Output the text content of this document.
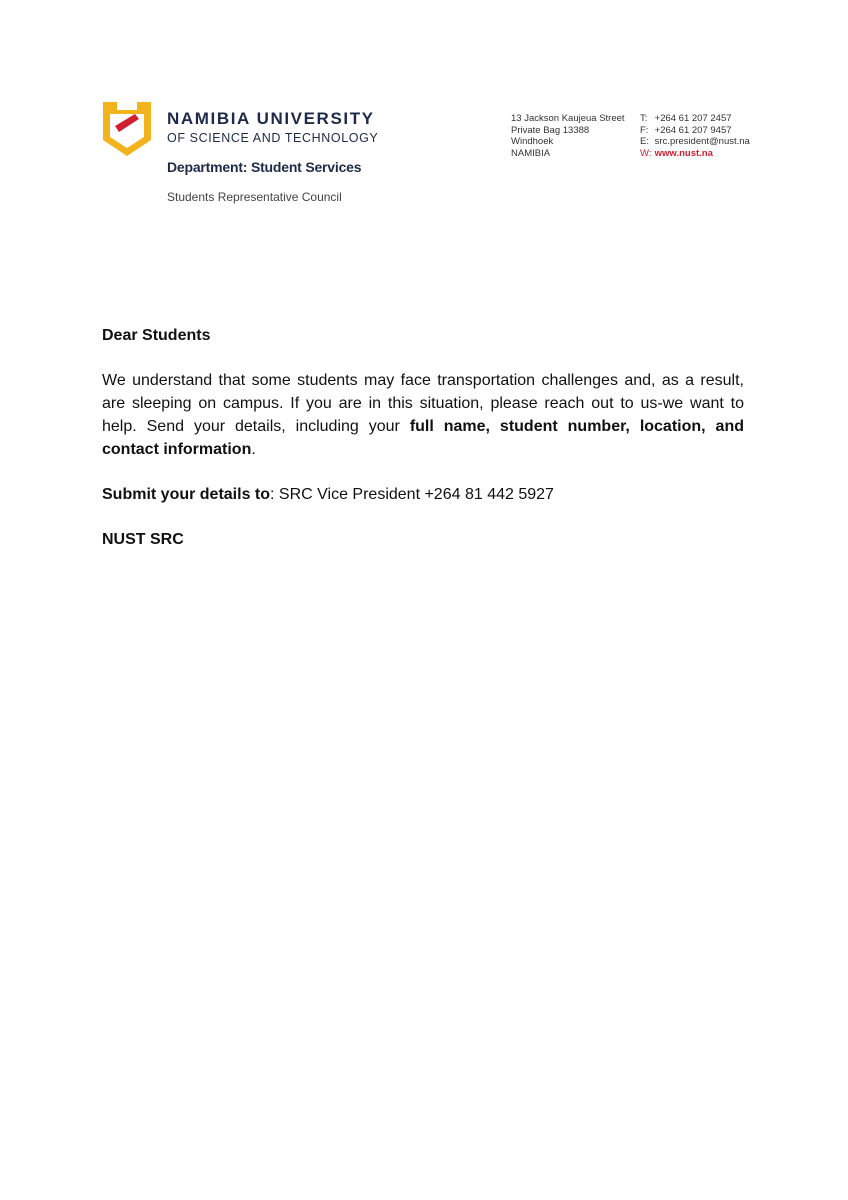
NAMIBIA UNIVERSITY
OF SCIENCE AND TECHNOLOGY
Department: Student Services
Students Representative Council
13 Jackson Kaujeua Street
Private Bag 13388
Windhoek
NAMIBIA
T: +264 61 207 2457
F: +264 61 207 9457
E: src.president@nust.na
W: www.nust.na

Dear Students

We understand that some students may face transportation challenges and, as a result, are sleeping on campus. If you are in this situation, please reach out to us-we want to help. Send your details, including your full name, student number, location, and contact information.

Submit your details to: SRC Vice President +264 81 442 5927

NUST SRC
